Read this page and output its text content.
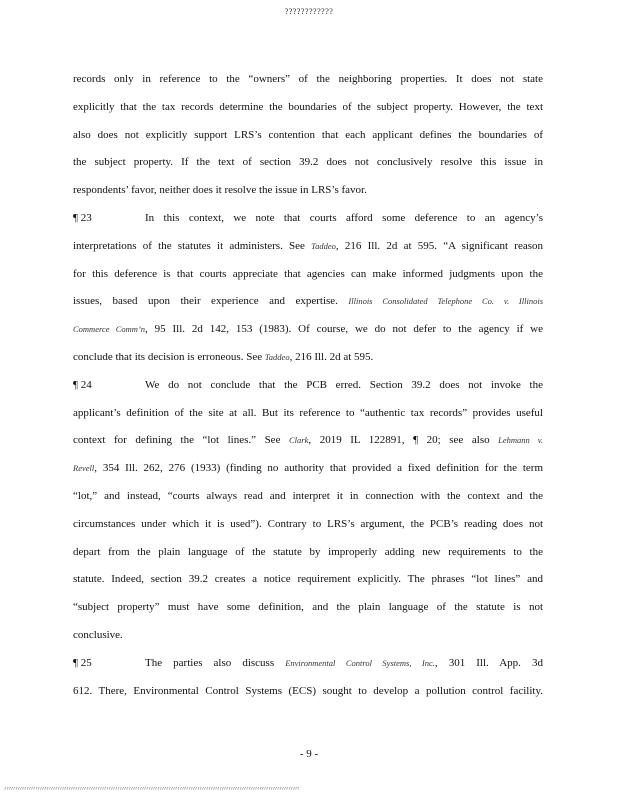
????????????
records only in reference to the “owners” of the neighboring properties. It does not state
explicitly that the tax records determine the boundaries of the subject property. However, the text
also does not explicitly support LRS’s contention that each applicant defines the boundaries of
the subject property. If the text of section 39.2 does not conclusively resolve this issue in
respondents’ favor, neither does it resolve the issue in LRS’s favor.
¶ 23	In this context, we note that courts afford some deference to an agency’s
interpretations of the statutes it administers. See Taddeo, 216 Ill. 2d at 595. “A significant reason
for this deference is that courts appreciate that agencies can make informed judgments upon the
issues, based upon their experience and expertise. Illinois Consolidated Telephone Co. v. Illinois
Commerce Comm’n, 95 Ill. 2d 142, 153 (1983). Of course, we do not defer to the agency if we
conclude that its decision is erroneous. See Taddeo, 216 Ill. 2d at 595.
¶ 24	We do not conclude that the PCB erred. Section 39.2 does not invoke the
applicant’s definition of the site at all. But its reference to “authentic tax records” provides useful
context for defining the “lot lines.” See Clark, 2019 IL 122891, ¶ 20; see also Lehmann v.
Revell, 354 Ill. 262, 276 (1933) (finding no authority that provided a fixed definition for the term
“lot,” and instead, “courts always read and interpret it in connection with the context and the
circumstances under which it is used”). Contrary to LRS’s argument, the PCB’s reading does not
depart from the plain language of the statute by improperly adding new requirements to the
statute. Indeed, section 39.2 creates a notice requirement explicitly. The phrases “lot lines” and
“subject property” must have some definition, and the plain language of the statute is not
conclusive.
¶ 25	The parties also discuss Environmental Control Systems, Inc., 301 Ill. App. 3d
612. There, Environmental Control Systems (ECS) sought to develop a pollution control facility.
- 9 -
?????????????????????????????????????????????????????????????????????????????????????????????????????????????????????????????????????
